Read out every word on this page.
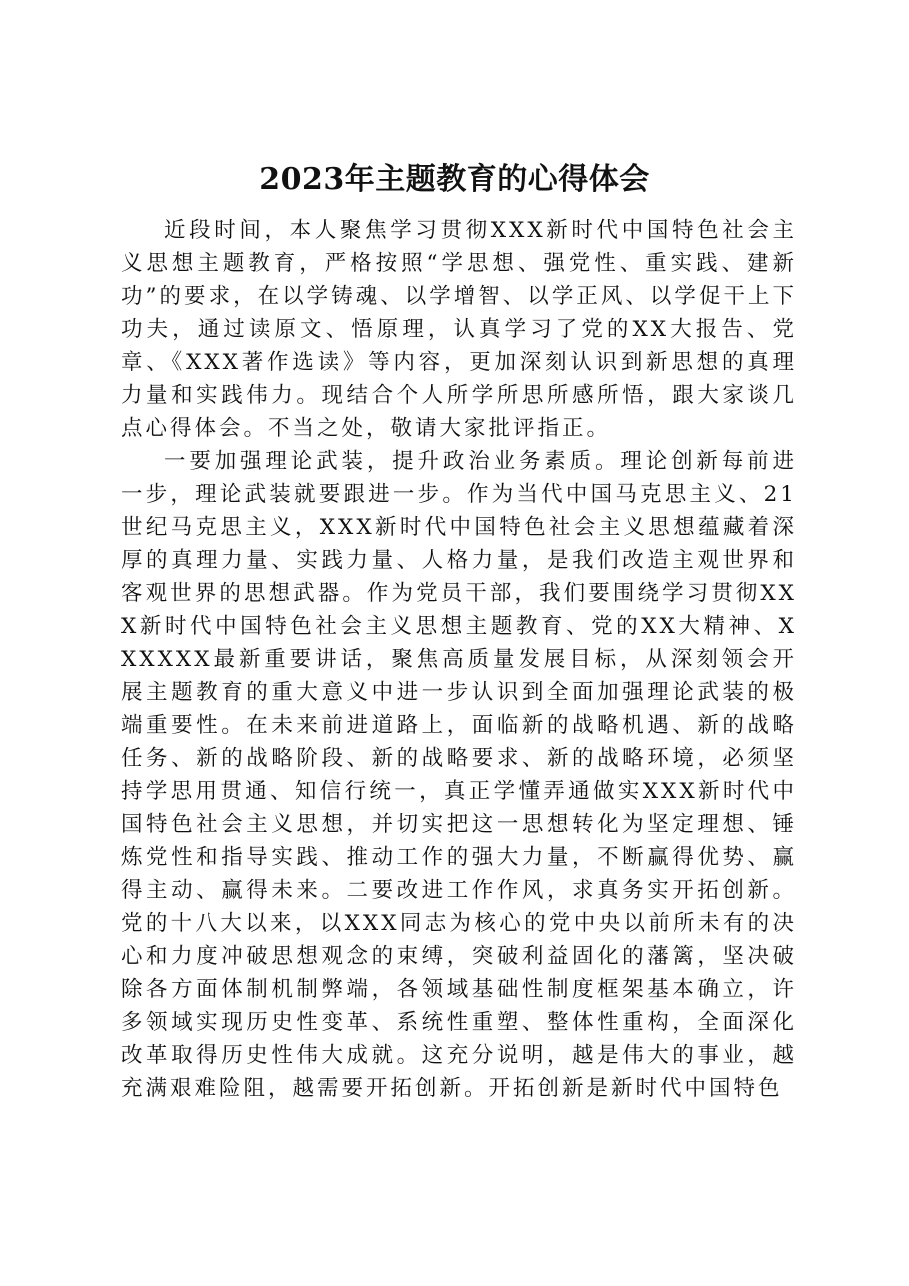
2023年主题教育的心得体会

近段时间，本人聚焦学习贯彻XXX新时代中国特色社会主义思想主题教育，严格按照“学思想、强党性、重实践、建新功”的要求，在以学铸魂、以学增智、以学正风、以学促干上下功夫，通过读原文、悟原理，认真学习了党的XX大报告、党章、《XXX著作选读》等内容，更加深刻认识到新思想的真理力量和实践伟力。现结合个人所学所思所感所悟，跟大家谈几点心得体会。不当之处，敬请大家批评指正。

一要加强理论武装，提升政治业务素质。理论创新每前进一步，理论武装就要跟进一步。作为当代中国马克思主义、21世纪马克思主义，XXX新时代中国特色社会主义思想蕴藏着深厚的真理力量、实践力量、人格力量，是我们改造主观世界和客观世界的思想武器。作为党员干部，我们要围绕学习贯彻XXX新时代中国特色社会主义思想主题教育、党的XX大精神、XXXXXX最新重要讲话，聚焦高质量发展目标，从深刻领会开展主题教育的重大意义中进一步认识到全面加强理论武装的极端重要性。在未来前进道路上，面临新的战略机遇、新的战略任务、新的战略阶段、新的战略要求、新的战略环境，必须坚持学思用贯通、知信行统一，真正学懂弄通做实XXX新时代中国特色社会主义思想，并切实把这一思想转化为坚定理想、锤炼党性和指导实践、推动工作的强大力量，不断赢得优势、赢得主动、赢得未来。二要改进工作作风，求真务实开拓创新。党的十八大以来，以XXX同志为核心的党中央以前所未有的决心和力度冲破思想观念的束缚，突破利益固化的藩篱，坚决破除各方面体制机制弊端，各领域基础性制度框架基本确立，许多领域实现历史性变革、系统性重塑、整体性重构，全面深化改革取得历史性伟大成就。这充分说明，越是伟大的事业，越充满艰难险阻，越需要开拓创新。开拓创新是新时代中国特色
